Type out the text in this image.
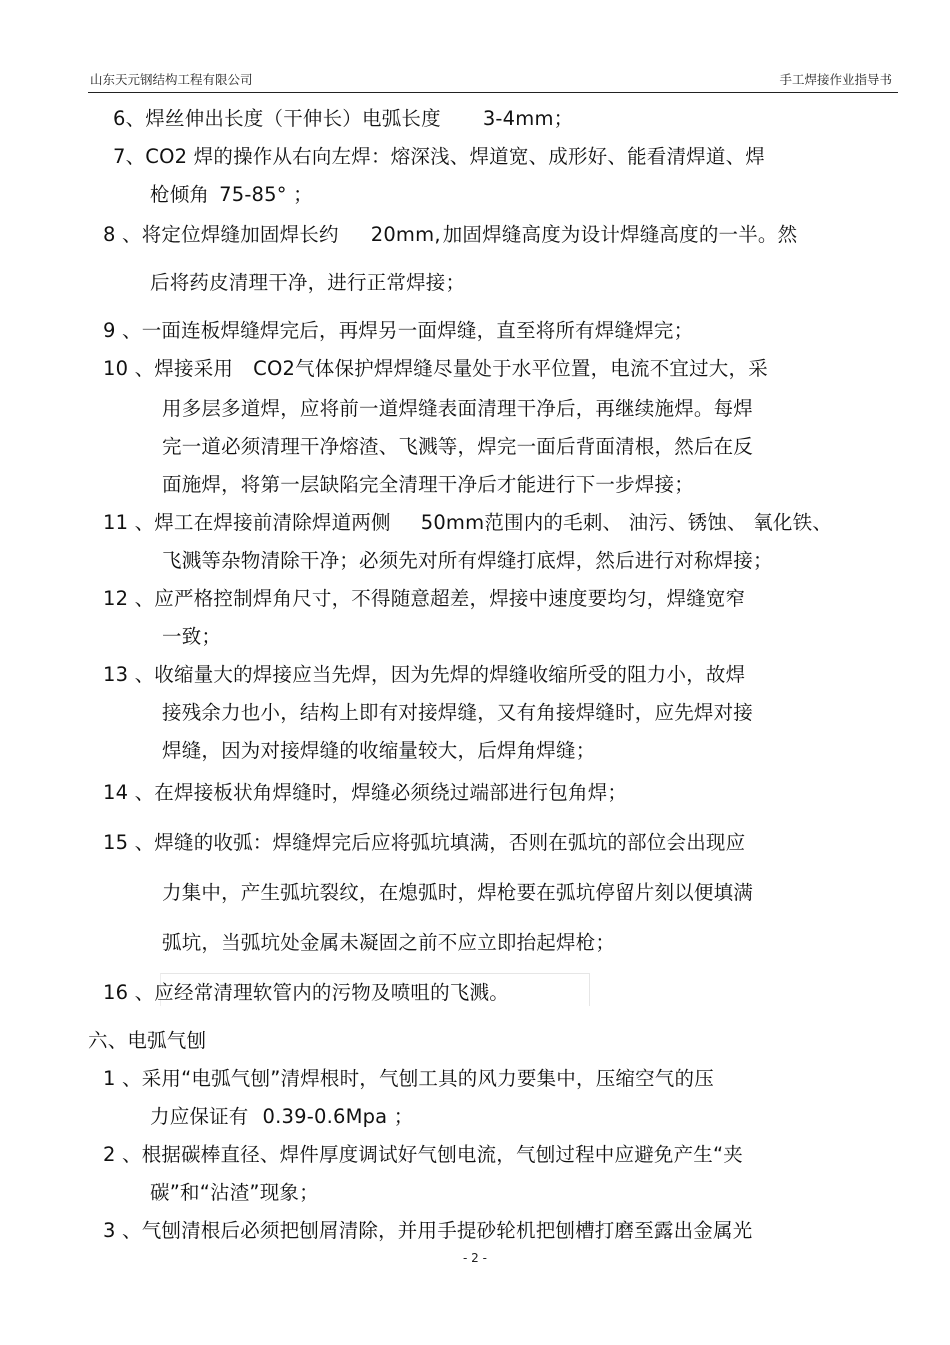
山东天元钢结构工程有限公司	手工焊接作业指导书
6、焊丝伸出长度（干伸长）电弧长度 3-4mm；
7、CO2 焊的操作从右向左焊：熔深浅、焊道宽、成形好、能看清焊道、焊
枪倾角 75-85° ；
8 、将定位焊缝加固焊长约 20mm, 加固焊缝高度为设计焊缝高度的一半。然
后将药皮清理干净，进行正常焊接；
9 、一面连板焊缝焊完后，再焊另一面焊缝，直至将所有焊缝焊完；
10 、焊接采用 CO2气体保护焊焊缝尽量处于水平位置，电流不宜过大，采
用多层多道焊，应将前一道焊缝表面清理干净后，再继续施焊。每焊
完一道必须清理干净熔渣、飞溅等，焊完一面后背面清根，然后在反
面施焊，将第一层缺陷完全清理干净后才能进行下一步焊接；
11 、焊工在焊接前清除焊道两侧 50mm范围内的毛刺、 油污、锈蚀、 氧化铁、
飞溅等杂物清除干净；必须先对所有焊缝打底焊，然后进行对称焊接；
12 、应严格控制焊角尺寸，不得随意超差，焊接中速度要均匀，焊缝宽窄
一致；
13 、收缩量大的焊接应当先焊，因为先焊的焊缝收缩所受的阻力小，故焊
接残余力也小，结构上即有对接焊缝，又有角接焊缝时，应先焊对接
焊缝，因为对接焊缝的收缩量较大，后焊角焊缝；
14 、在焊接板状角焊缝时，焊缝必须绕过端部进行包角焊；
15 、焊缝的收弧：焊缝焊完后应将弧坑填满，否则在弧坑的部位会出现应
力集中，产生弧坑裂纹，在熄弧时，焊枪要在弧坑停留片刻以便填满
弧坑，当弧坑处金属未凝固之前不应立即抬起焊枪；
16 、应经常清理软管内的污物及喷咀的飞溅。
六、电弧气刨
1 、采用“电弧气刨”清焊根时，气刨工具的风力要集中，压缩空气的压
力应保证有 0.39-0.6Mpa ；
2 、根据碳棒直径、焊件厚度调试好气刨电流，气刨过程中应避免产生“夹
碳”和“沾渣”现象；
3 、气刨清根后必须把刨屑清除，并用手提砂轮机把刨槽打磨至露出金属光
- 2 -
